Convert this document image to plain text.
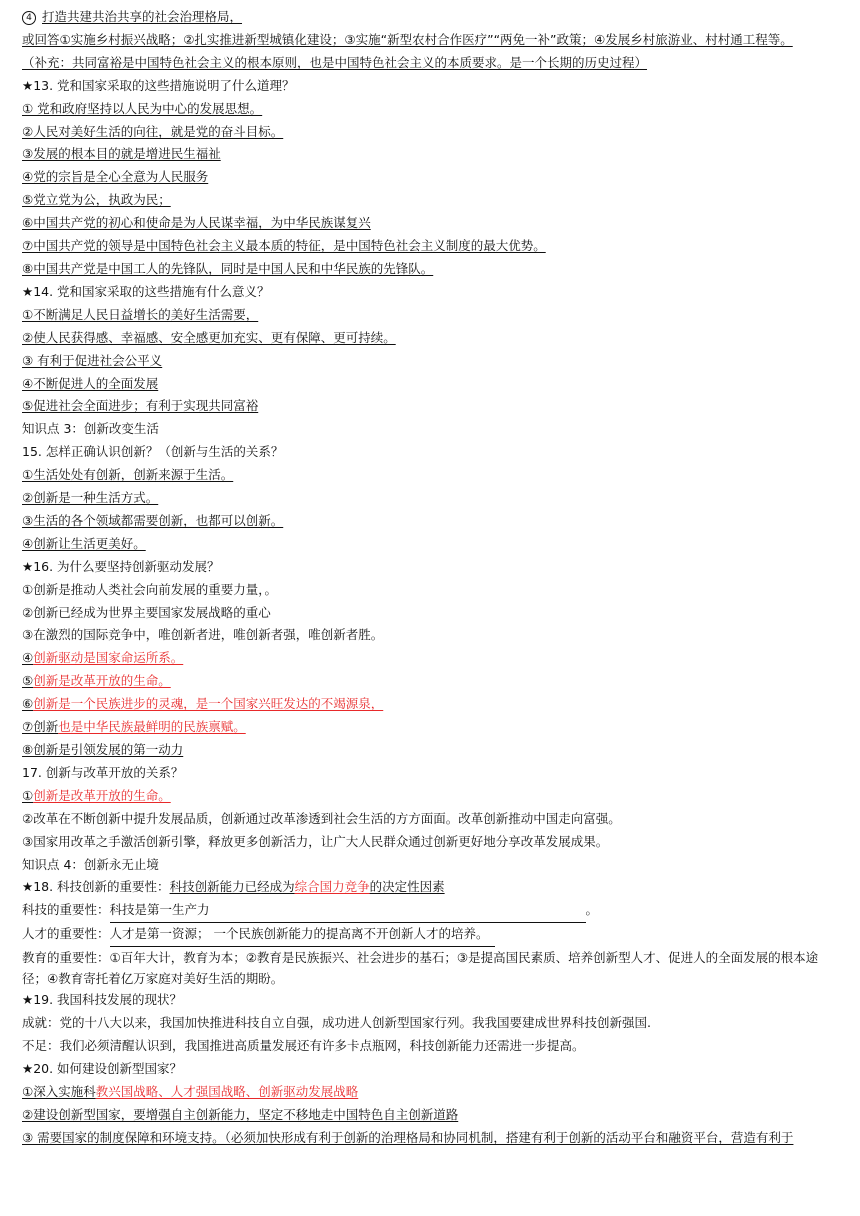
4 打造共建共治共享的社会治理格局，
或回答①实施乡村振兴战略；②扎实推进新型城镇化建设；③实施“新型农村合作医疗”“两免一补”政策；④发展乡村旅游业、村村通工程等。
（补充：共同富裕是中国特色社会主义的根本原则，也是中国特色社会主义的本质要求。是一个长期的历史过程）
★13. 党和国家采取的这些措施说明了什么道理？
① 党和政府坚持以人民为中心的发展思想。
②人民对美好生活的向往，就是党的奋斗目标。
③发展的根本目的就是增进民生福祉
④党的宗旨是全心全意为人民服务
⑤党立党为公，执政为民；
⑥中国共产党的初心和使命是为人民谋幸福，为中华民族谋复兴
⑦中国共产党的领导是中国特色社会主义最本质的特征，是中国特色社会主义制度的最大优势。
⑧中国共产党是中国工人的先锋队，同时是中国人民和中华民族的先锋队。
★14. 党和国家采取的这些措施有什么意义？
①不断满足人民日益增长的美好生活需要，
②使人民获得感、幸福感、安全感更加充实、更有保障、更可持续。
③ 有利于促进社会公平义
④不断促进人的全面发展
⑤促进社会全面进步；有利于实现共同富裕
知识点 3：创新改变生活
15. 怎样正确认识创新？（创新与生活的关系？
①生活处处有创新，创新来源于生活。
②创新是一种生活方式。
③生活的各个领域都需要创新，也都可以创新。
④创新让生活更美好。
★16. 为什么要坚持创新驱动发展？
①创新是推动人类社会向前发展的重要力量，。
②创新已经成为世界主要国家发展战略的重心
③在激烈的国际竞争中，唯创新者进，唯创新者强，唯创新者胜。
④创新驱动是国家命运所系。
⑤创新是改革开放的生命。
⑥创新是一个民族进步的灵魂，是一个国家兴旺发达的不竭源泉，
⑦创新也是中华民族最鲜明的民族禀赋。
⑧创新是引领发展的第一动力
17. 创新与改革开放的关系？
①创新是改革开放的生命。
②改革在不断创新中提升发展品质，创新通过改革渗透到社会生活的方方面面。改革创新推动中国走向富强。
③国家用改革之手激活创新引擎，释放更多创新活力，让广大人民群众通过创新更好地分享改革发展成果。
知识点 4：创新永无止境
★18. 科技创新的重要性：科技创新能力已经成为综合国力竞争的决定性因素
科技的重要性：科技是第一生产力	。
人才的重要性：人才是第一资源； 一个民族创新能力的提高离不开创新人才的培养。
教育的重要性：①百年大计，教育为本；②教育是民族振兴、社会进步的基石；③是提高国民素质、培养创新型人才、促进人的全面发展的根本途径；④教育寄托着亿万家庭对美好生活的期盼。
★19. 我国科技发展的现状？
成就：党的十八大以来，我国加快推进科技自立自强，成功进人创新型国家行列。我我国要建成世界科技创新强国.
不足：我们必须清醒认识到，我国推进高质量发展还有许多卡点瓶网，科技创新能力还需进一步提高。
★20. 如何建设创新型国家？
①深入实施科教兴国战略、人才强国战略、创新驱动发展战略
②建设创新型国家，要增强自主创新能力，坚定不移地走中国特色自主创新道路
③ 需要国家的制度保障和环境支持。（必须加快形成有利于创新的治理格局和协同机制，搭建有利于创新的活动平台和融资平台，营造有利于
